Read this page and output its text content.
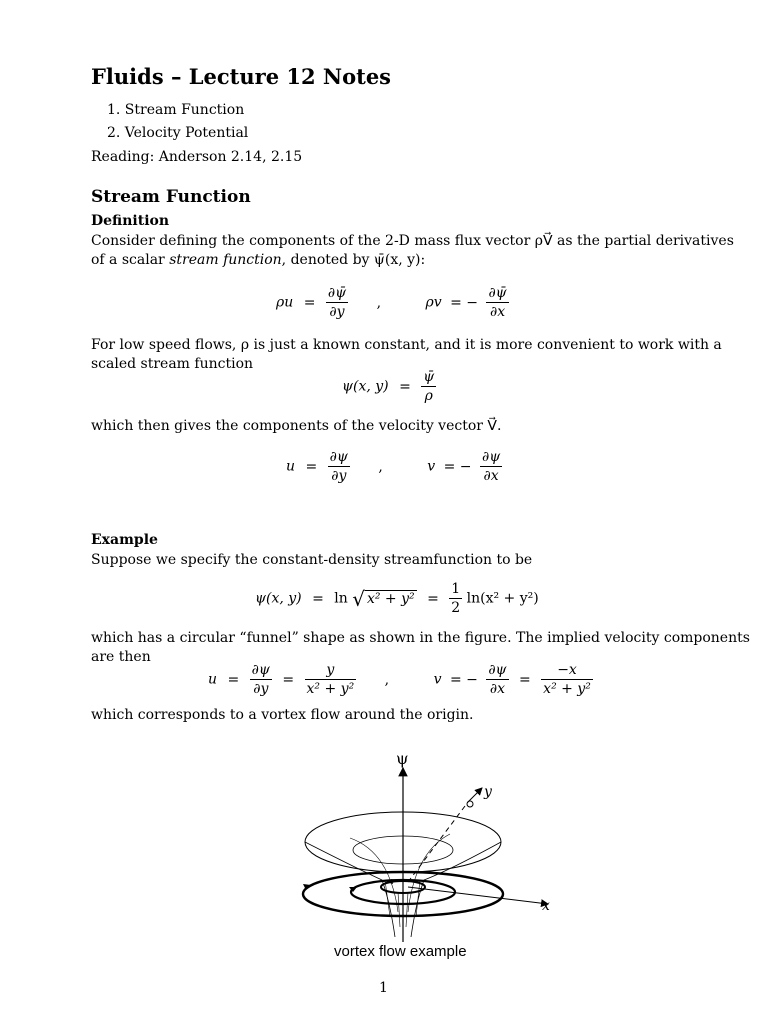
Fluids – Lecture 12 Notes
1. Stream Function
2. Velocity Potential
Reading: Anderson 2.14, 2.15
Stream Function
Definition
Consider defining the components of the 2-D mass flux vector ρV⃗ as the partial derivatives
of a scalar stream function, denoted by ψ̄(x, y):
$\rho u = \frac{\partial\psī}{\partial y}$ ,	ρv = − $\frac{\partial\psī}{\partial x}$
For low speed flows, ρ is just a known constant, and it is more convenient to work with a
scaled stream function
ψ(x, $y) = \frac{\psī}{\rho}$
which then gives the components of the velocity vector V⃗.
$u = \frac{\partial\psi}{\partial y}$ ,	v = − $\frac{\partial\psi}{\partial x}$
Example
Suppose we specify the constant-density streamfunction to be
ψ(x, y) = ln √ $x^2 + y^2 = \frac{1}{2} \ln(x^2 + y^2)$
which has a circular “funnel” shape as shown in the figure. The implied velocity components
are then
$u = \frac{\partial\psi}{\partial y} = \frac{y}{\text{x² + y²}}$ ,	v = − $\frac{\partial\psi}{\partial x} = \frac{-x}{\text{x² + y²}}$
which corresponds to a vortex flow around the origin.
ψ
y
x
vortex flow example
1
